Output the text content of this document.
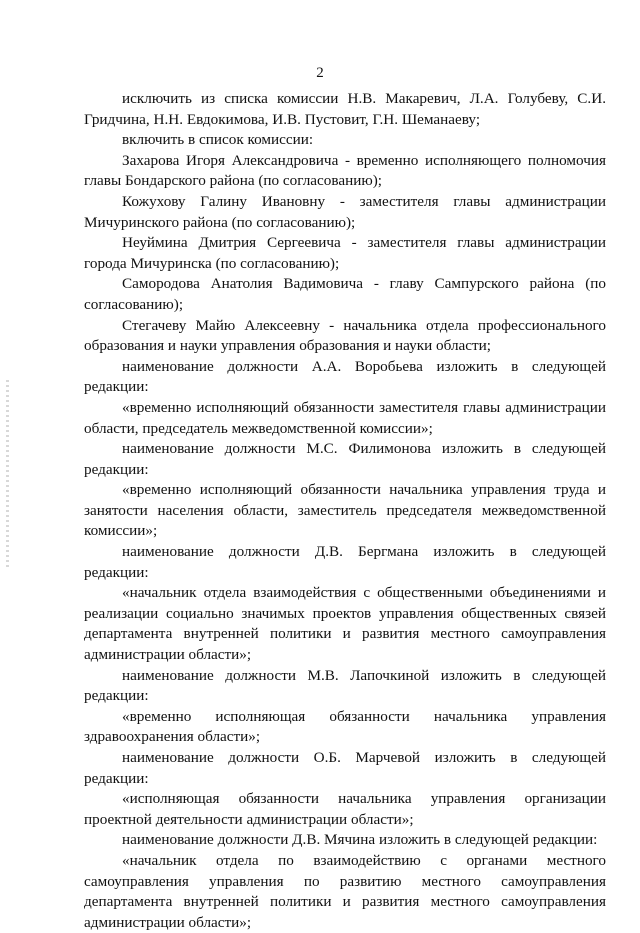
2

исключить из списка комиссии Н.В. Макаревич, Л.А. Голубеву, С.И. Гридчина, Н.Н. Евдокимова, И.В. Пустовит, Г.Н. Шеманаеву;

включить в список комиссии:

Захарова Игоря Александровича - временно исполняющего полномочия главы Бондарского района (по согласованию);

Кожухову Галину Ивановну - заместителя главы администрации Мичуринского района (по согласованию);

Неуймина Дмитрия Сергеевича - заместителя главы администрации города Мичуринска (по согласованию);

Самородова Анатолия Вадимовича - главу Сампурского района (по согласованию);

Стегачеву Майю Алексеевну - начальника отдела профессионального образования и науки управления образования и науки области;

наименование должности А.А. Воробьева изложить в следующей редакции:

«временно исполняющий обязанности заместителя главы администрации области, председатель межведомственной комиссии»;

наименование должности М.С. Филимонова изложить в следующей редакции:

«временно исполняющий обязанности начальника управления труда и занятости населения области, заместитель председателя межведомственной комиссии»;

наименование должности Д.В. Бергмана изложить в следующей редакции:

«начальник отдела взаимодействия с общественными объединениями и реализации социально значимых проектов управления общественных связей департамента внутренней политики и развития местного самоуправления администрации области»;

наименование должности М.В. Лапочкиной изложить в следующей редакции:

«временно исполняющая обязанности начальника управления здравоохранения области»;

наименование должности О.Б. Марчевой изложить в следующей редакции:

«исполняющая обязанности начальника управления организации проектной деятельности администрации области»;

наименование должности Д.В. Мячина изложить в следующей редакции:

«начальник отдела по взаимодействию с органами местного самоуправления управления по развитию местного самоуправления департамента внутренней политики и развития местного самоуправления администрации области»;
